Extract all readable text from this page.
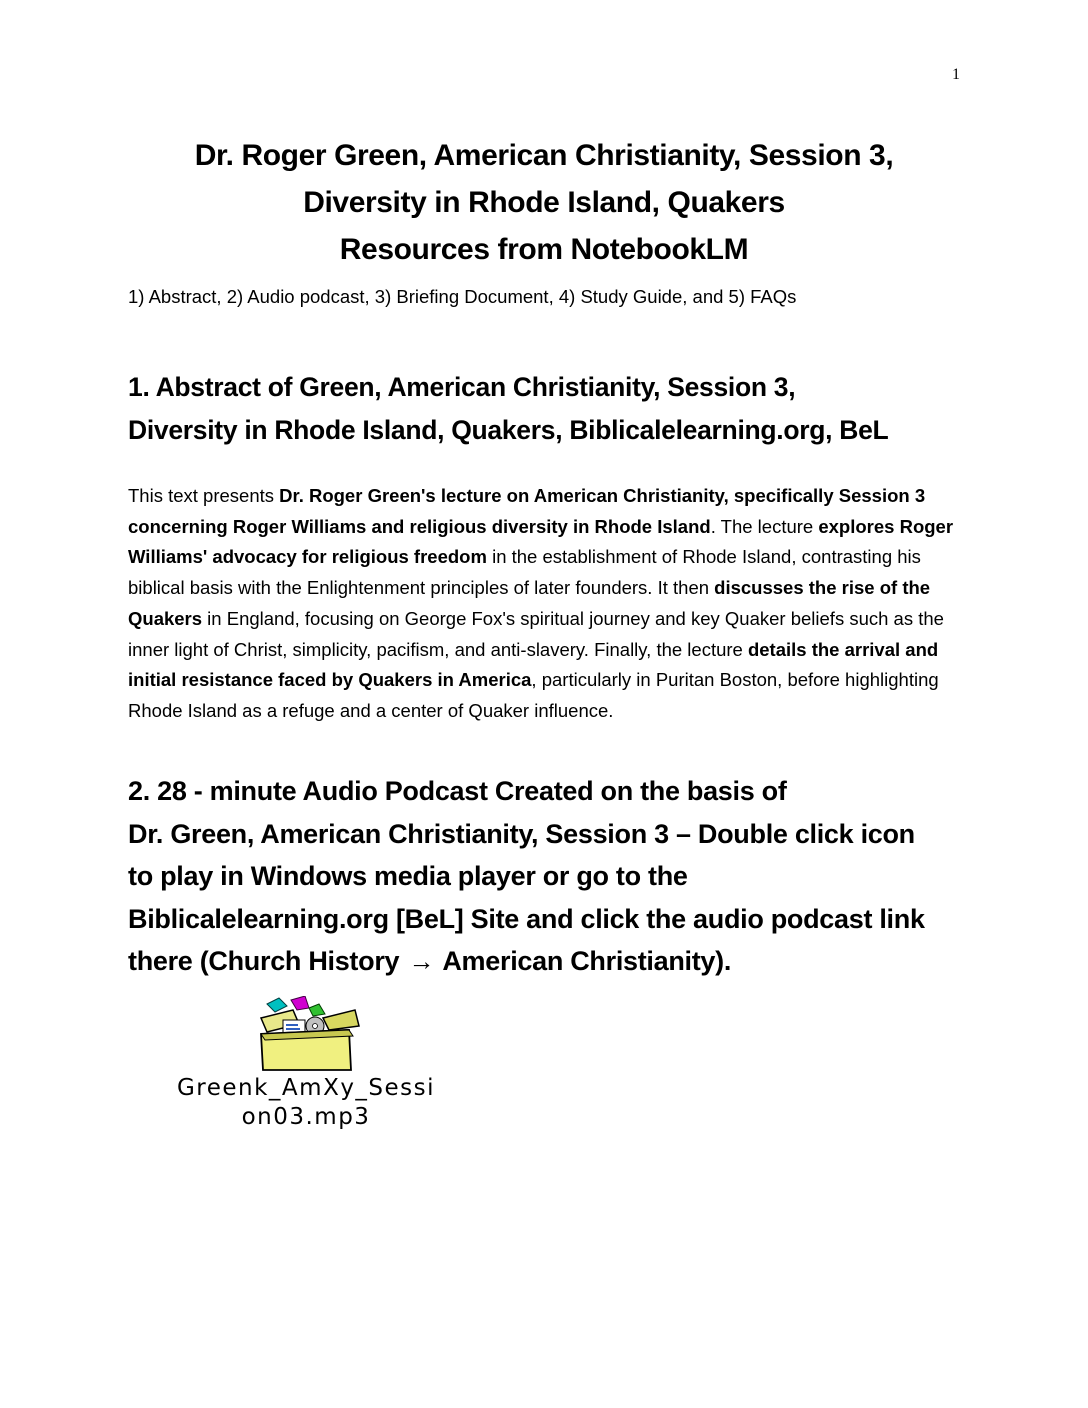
1
Dr. Roger Green, American Christianity, Session 3,
Diversity in Rhode Island, Quakers
Resources from NotebookLM
1) Abstract, 2) Audio podcast, 3) Briefing Document, 4) Study Guide, and 5) FAQs
1. Abstract of Green, American Christianity, Session 3,
Diversity in Rhode Island, Quakers, Biblicalelearning.org, BeL
This text presents Dr. Roger Green's lecture on American Christianity, specifically Session 3 concerning Roger Williams and religious diversity in Rhode Island. The lecture explores Roger Williams' advocacy for religious freedom in the establishment of Rhode Island, contrasting his biblical basis with the Enlightenment principles of later founders. It then discusses the rise of the Quakers in England, focusing on George Fox's spiritual journey and key Quaker beliefs such as the inner light of Christ, simplicity, pacifism, and anti-slavery. Finally, the lecture details the arrival and initial resistance faced by Quakers in America, particularly in Puritan Boston, before highlighting Rhode Island as a refuge and a center of Quaker influence.
2. 28 - minute Audio Podcast Created on the basis of
Dr. Green, American Christianity, Session 3 – Double click icon
to play in Windows media player or go to the
Biblicalelearning.org [BeL] Site and click the audio podcast link
there (Church History → American Christianity).
Greenk_AmXy_Sessi
on03.mp3
